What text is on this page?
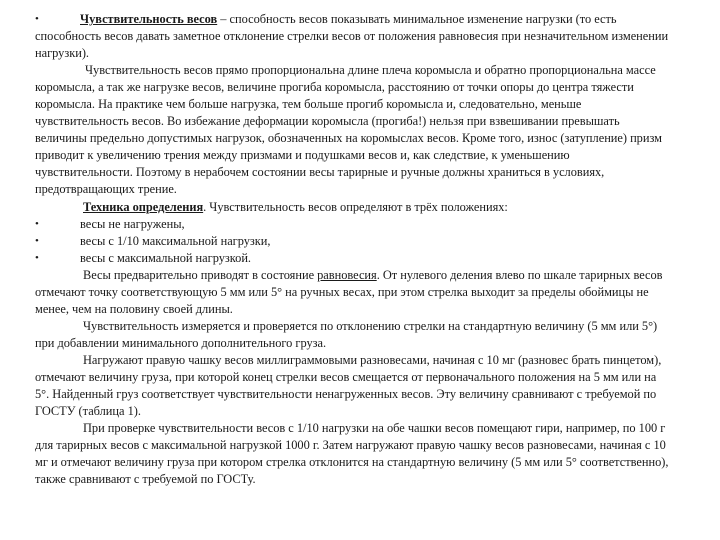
•	Чувствительность весов – способность весов показывать минимальное изменение нагрузки (то есть способность весов давать заметное отклонение стрелки весов от положения равновесия при незначительном изменении нагрузки).

Чувствительность весов прямо пропорциональна длине плеча коромысла и обратно пропорциональна массе коромысла, а так же нагрузке весов, величине прогиба коромысла, расстоянию от точки опоры до центра тяжести коромысла. На практике чем больше нагрузка, тем больше прогиб коромысла и, следовательно, меньше чувствительность весов. Во избежание деформации коромысла (прогиба!) нельзя при взвешивании превышать величины предельно допустимых нагрузок, обозначенных на коромыслах весов. Кроме того, износ (затупление) призм приводит к увеличению трения между призмами и подушками весов и, как следствие, к уменьшению чувствительности. Поэтому в нерабочем состоянии весы тарирные и ручные должны храниться в условиях, предотвращающих трение.

Техника определения. Чувствительность весов определяют в трёх положениях:

•	весы не нагружены,
•	весы с 1/10 максимальной нагрузки,
•	весы с максимальной нагрузкой.

Весы предварительно приводят в состояние равновесия. От нулевого деления влево по шкале тарирных весов отмечают точку соответствующую 5 мм или 5° на ручных весах, при этом стрелка выходит за пределы обоймицы не менее, чем на половину своей длины.

Чувствительность измеряется и проверяется по отклонению стрелки на стандартную величину (5 мм или 5°) при добавлении минимального дополнительного груза.

Нагружают правую чашку весов миллиграммовыми разновесами, начиная с 10 мг (разновес брать пинцетом), отмечают величину груза, при которой конец стрелки весов смещается от первоначального положения на 5 мм или на 5°. Найденный груз соответствует чувствительности ненагруженных весов. Эту величину сравнивают с требуемой по ГОСТУ (таблица 1).

При проверке чувствительности весов с 1/10 нагрузки на обе чашки весов помещают гири, например, по 100 г для тарирных весов с максимальной нагрузкой 1000 г. Затем нагружают правую чашку весов разновесами, начиная с 10 мг и отмечают величину груза при котором стрелка отклонится на стандартную величину (5 мм или 5° соответственно), также сравнивают с требуемой по ГОСТу.
